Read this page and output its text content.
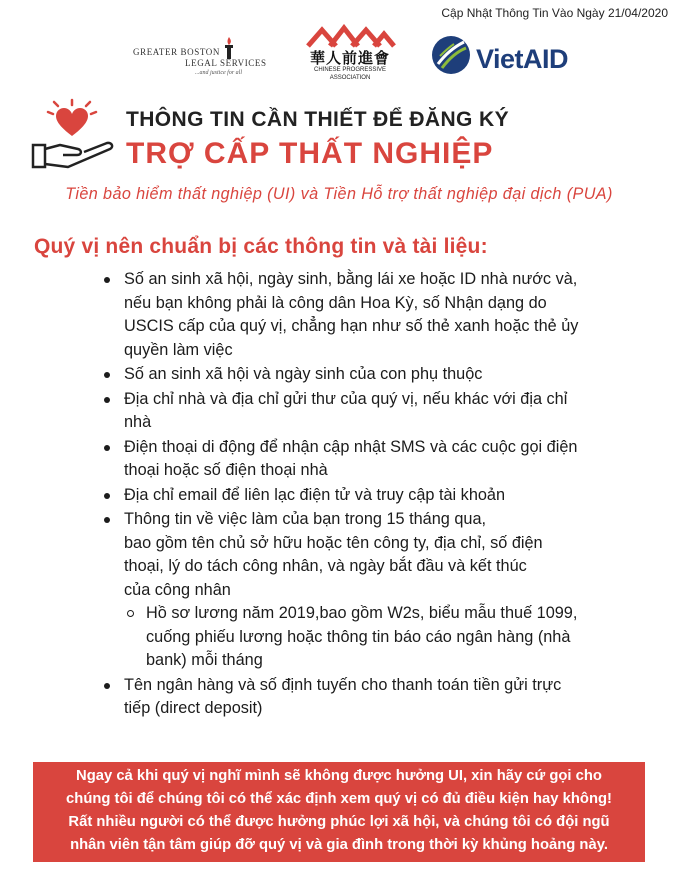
Cập Nhật Thông Tin Vào Ngày 21/04/2020
GREATER BOSTON
LEGAL SERVICES
...and justice for all
華人前進會
CHINESE PROGRESSIVE
ASSOCIATION
VietAID
THÔNG TIN CẦN THIẾT ĐỂ ĐĂNG KÝ
TRỢ CẤP THẤT NGHIỆP
Tiền bảo hiểm thất nghiệp (UI) và Tiền Hỗ trợ thất nghiệp đại dịch (PUA)
Quý vị nên chuẩn bị các thông tin và tài liệu:
Số an sinh xã hội, ngày sinh, bằng lái xe hoặc ID nhà nước và,
nếu bạn không phải là công dân Hoa Kỳ, số Nhận dạng do
USCIS cấp của quý vị, chẳng hạn như số thẻ xanh hoặc thẻ ủy
quyền làm việc
Số an sinh xã hội và ngày sinh của con phụ thuộc
Địa chỉ nhà và địa chỉ gửi thư của quý vị, nếu khác với địa chỉ
nhà
Điện thoại di động để nhận cập nhật SMS và các cuộc gọi điện
thoại hoặc số điện thoại nhà
Địa chỉ email để liên lạc điện tử và truy cập tài khoản
Thông tin về việc làm của bạn trong 15 tháng qua,
bao gồm tên chủ sở hữu hoặc tên công ty, địa chỉ, số điện
thoại, lý do tách công nhân, và ngày bắt đầu và kết thúc
của công nhân
Hồ sơ lương năm 2019,bao gồm W2s, biểu mẫu thuế 1099,
cuống phiếu lương hoặc thông tin báo cáo ngân hàng (nhà
bank) mỗi tháng
Tên ngân hàng và số định tuyến cho thanh toán tiền gửi trực
tiếp (direct deposit)
Ngay cả khi quý vị nghĩ mình sẽ không được hưởng UI, xin hãy cứ gọi cho
chúng tôi để chúng tôi có thể xác định xem quý vị có đủ điều kiện hay không!
Rất nhiều người có thể được hưởng phúc lợi xã hội, và chúng tôi có đội ngũ
nhân viên tận tâm giúp đỡ quý vị và gia đình trong thời kỳ khủng hoảng này.
